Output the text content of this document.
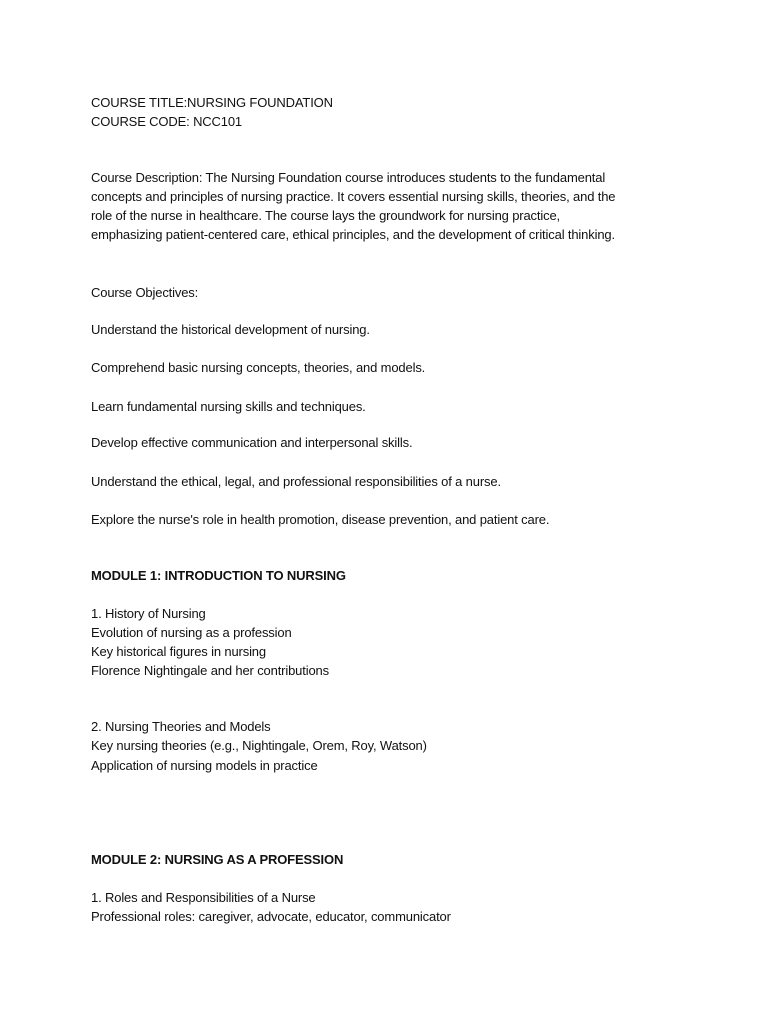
COURSE TITLE:NURSING FOUNDATION
COURSE CODE: NCC101
Course Description: The Nursing Foundation course introduces students to the fundamental
concepts and principles of nursing practice. It covers essential nursing skills, theories, and the
role of the nurse in healthcare. The course lays the groundwork for nursing practice,
emphasizing patient-centered care, ethical principles, and the development of critical thinking.
Course Objectives:
Understand the historical development of nursing.
Comprehend basic nursing concepts, theories, and models.
Learn fundamental nursing skills and techniques.
Develop effective communication and interpersonal skills.
Understand the ethical, legal, and professional responsibilities of a nurse.
Explore the nurse's role in health promotion, disease prevention, and patient care.
MODULE 1: INTRODUCTION TO NURSING
1. History of Nursing
Evolution of nursing as a profession
Key historical figures in nursing
Florence Nightingale and her contributions
2. Nursing Theories and Models
Key nursing theories (e.g., Nightingale, Orem, Roy, Watson)
Application of nursing models in practice
MODULE 2: NURSING AS A PROFESSION
1. Roles and Responsibilities of a Nurse
Professional roles: caregiver, advocate, educator, communicator
